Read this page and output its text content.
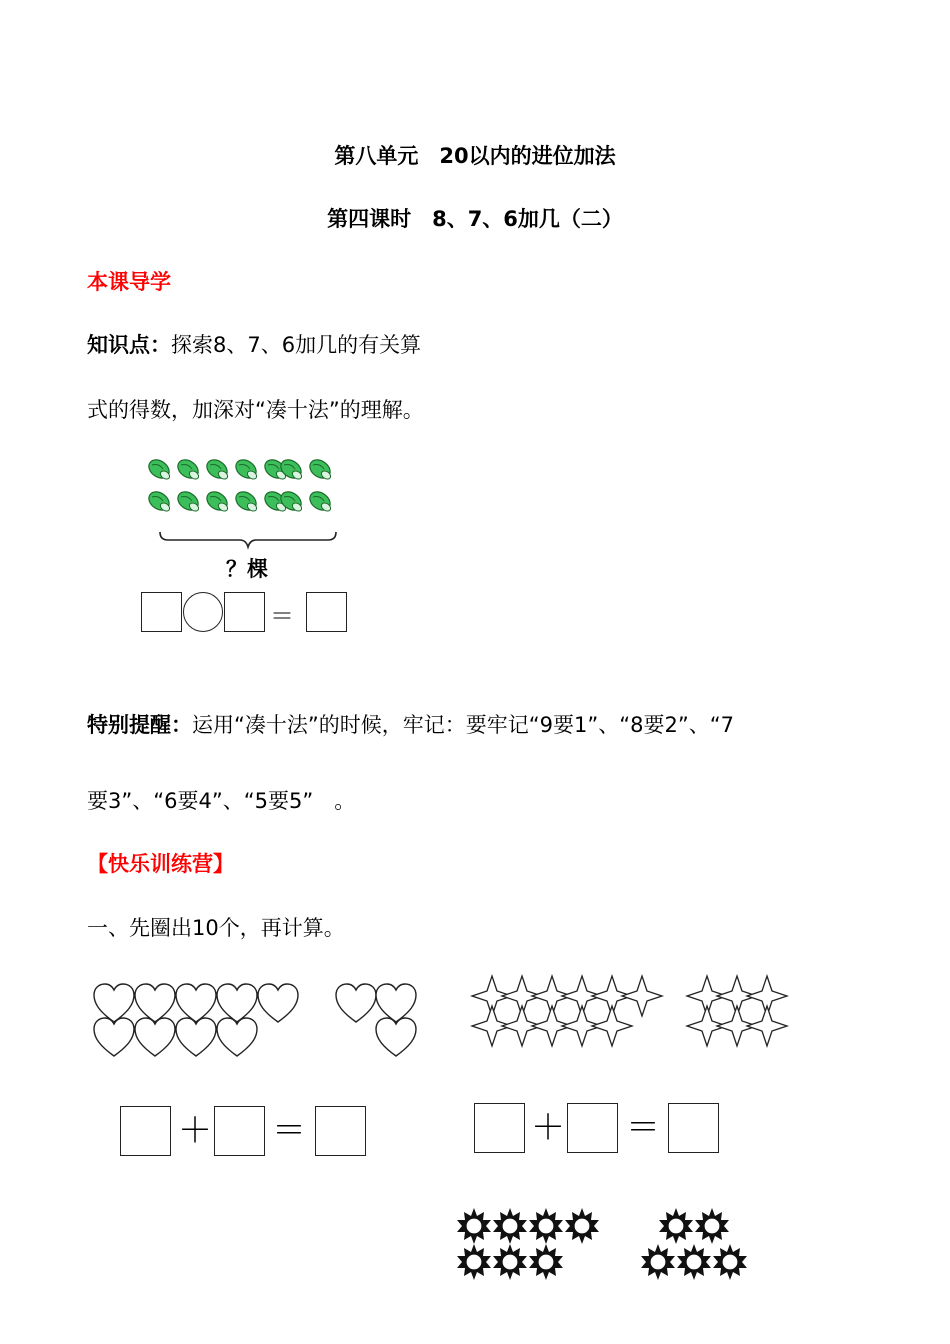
第八单元　20以内的进位加法
第四课时　8、7、6加几（二）
本课导学
知识点：探索8、7、6加几的有关算
式的得数，加深对“凑十法”的理解。
？棵
＝
特别提醒：运用“凑十法”的时候，牢记：要牢记“9要1”、“8要2”、“7
要3”、“6要4”、“5要5”　。
【快乐训练营】
一、先圈出10个，再计算。
＋ ＝	＋ ＝
